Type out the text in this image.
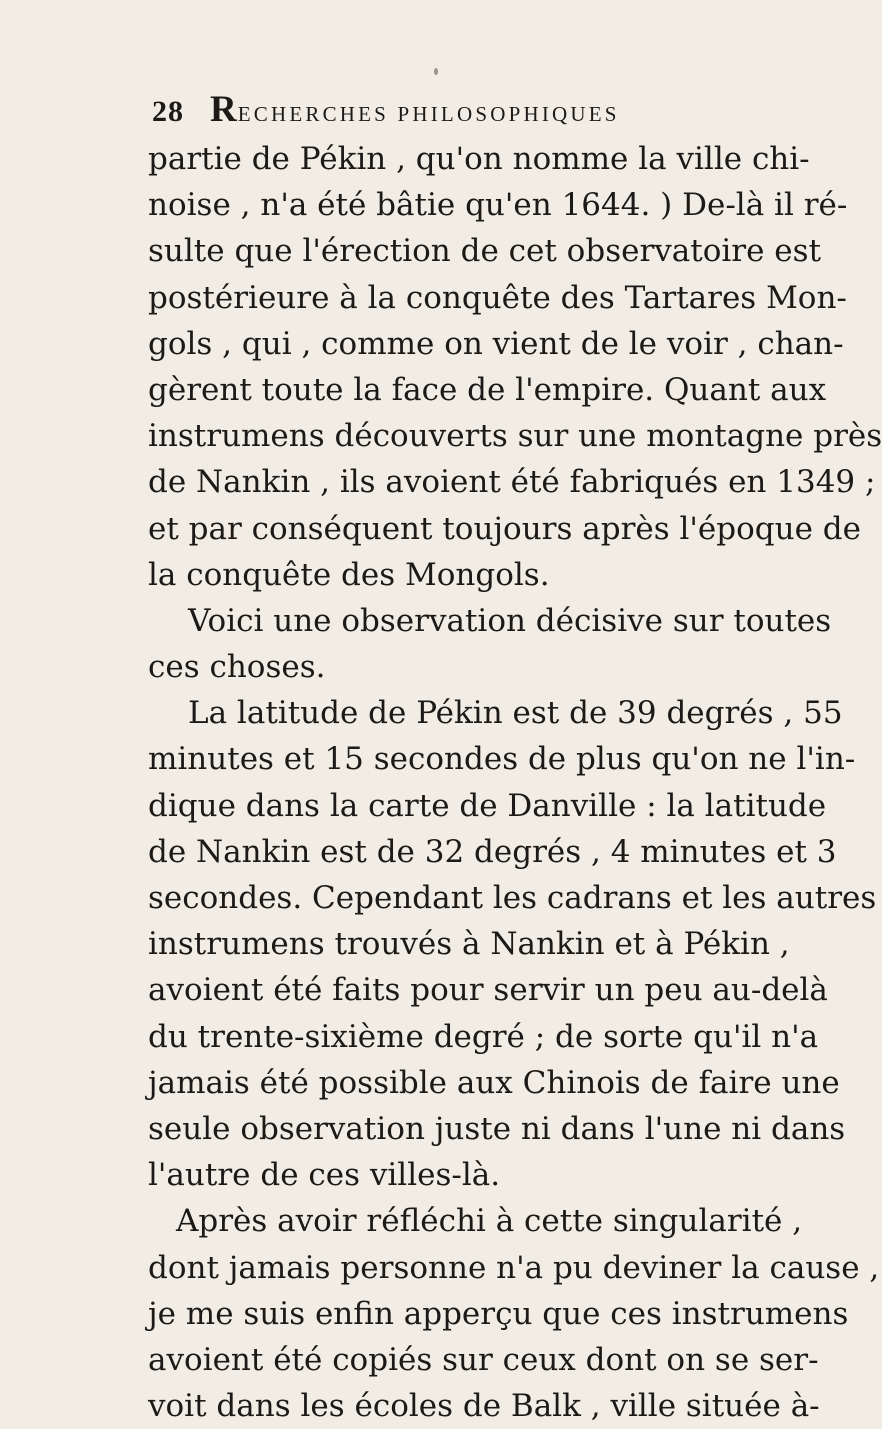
28 RECHERCHES PHILOSOPHIQUES
partie de Pékin , qu'on nomme la ville chi-
noise , n'a été bâtie qu'en 1644. ) De-là il ré-
sulte que l'érection de cet observatoire est
postérieure à la conquête des Tartares Mon-
gols , qui , comme on vient de le voir , chan-
gèrent toute la face de l'empire. Quant aux
instrumens découverts sur une montagne près
de Nankin , ils avoient été fabriqués en 1349 ;
et par conséquent toujours après l'époque de
la conquête des Mongols.
Voici une observation décisive sur toutes
ces choses.
La latitude de Pékin est de 39 degrés , 55
minutes et 15 secondes de plus qu'on ne l'in-
dique dans la carte de Danville : la latitude
de Nankin est de 32 degrés , 4 minutes et 3
secondes. Cependant les cadrans et les autres
instrumens trouvés à Nankin et à Pékin ,
avoient été faits pour servir un peu au-delà
du trente-sixième degré ; de sorte qu'il n'a
jamais été possible aux Chinois de faire une
seule observation juste ni dans l'une ni dans
l'autre de ces villes-là.
Après avoir réfléchi à cette singularité ,
dont jamais personne n'a pu deviner la cause ,
je me suis enfin apperçu que ces instrumens
avoient été copiés sur ceux dont on se ser-
voit dans les écoles de Balk , ville située à-
